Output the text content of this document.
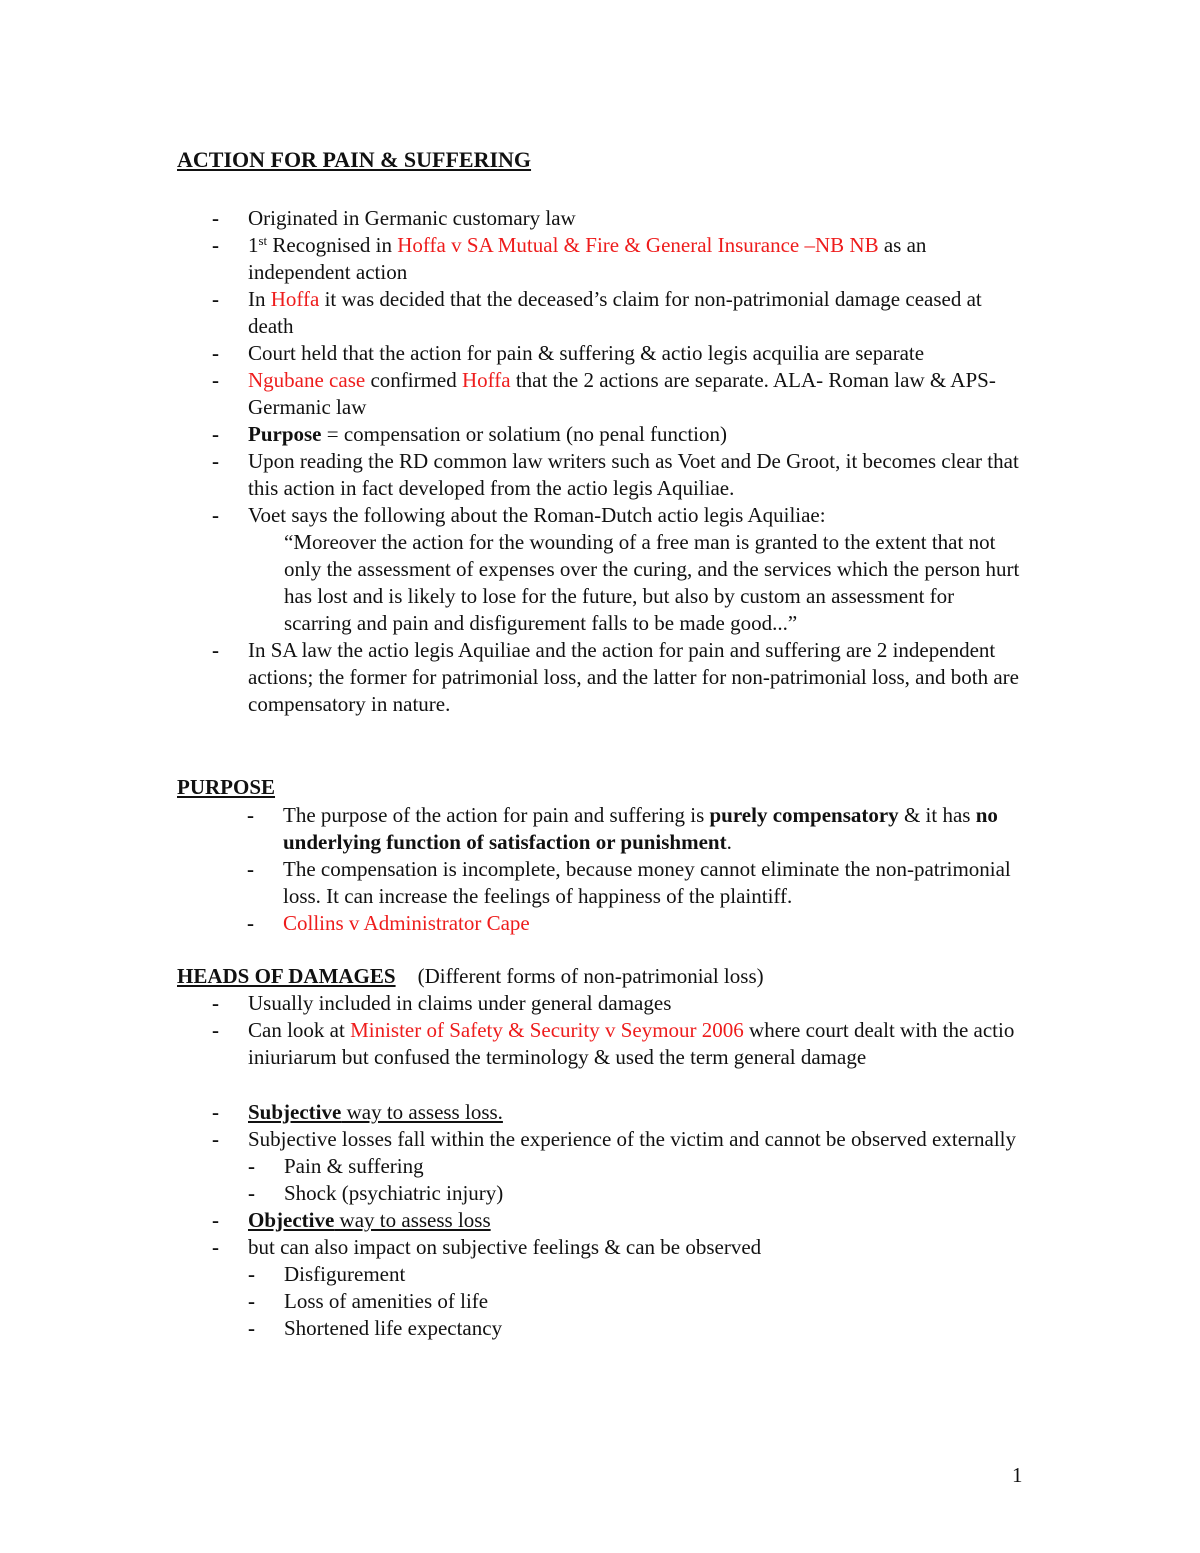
ACTION FOR PAIN & SUFFERING
- Originated in Germanic customary law
- 1st Recognised in Hoffa v SA Mutual & Fire & General Insurance –NB NB as an independent action
- In Hoffa it was decided that the deceased’s claim for non-patrimonial damage ceased at death
- Court held that the action for pain & suffering & actio legis acquilia are separate
- Ngubane case confirmed Hoffa that the 2 actions are separate. ALA- Roman law & APS- Germanic law
- Purpose = compensation or solatium (no penal function)
- Upon reading the RD common law writers such as Voet and De Groot, it becomes clear that this action in fact developed from the actio legis Aquiliae.
- Voet says the following about the Roman-Dutch actio legis Aquiliae:
“Moreover the action for the wounding of a free man is granted to the extent that not only the assessment of expenses over the curing, and the services which the person hurt has lost and is likely to lose for the future, but also by custom an assessment for scarring and pain and disfigurement falls to be made good...”
- In SA law the actio legis Aquiliae and the action for pain and suffering are 2 independent actions; the former for patrimonial loss, and the latter for non-patrimonial loss, and both are compensatory in nature.
PURPOSE
- The purpose of the action for pain and suffering is purely compensatory & it has no underlying function of satisfaction or punishment.
- The compensation is incomplete, because money cannot eliminate the non-patrimonial loss. It can increase the feelings of happiness of the plaintiff.
- Collins v Administrator Cape
HEADS OF DAMAGES (Different forms of non-patrimonial loss)
- Usually included in claims under general damages
- Can look at Minister of Safety & Security v Seymour 2006 where court dealt with the actio iniuriarum but confused the terminology & used the term general damage
- Subjective way to assess loss.
- Subjective losses fall within the experience of the victim and cannot be observed externally
- Pain & suffering
- Shock (psychiatric injury)
- Objective way to assess loss
- but can also impact on subjective feelings & can be observed
- Disfigurement
- Loss of amenities of life
- Shortened life expectancy
1
